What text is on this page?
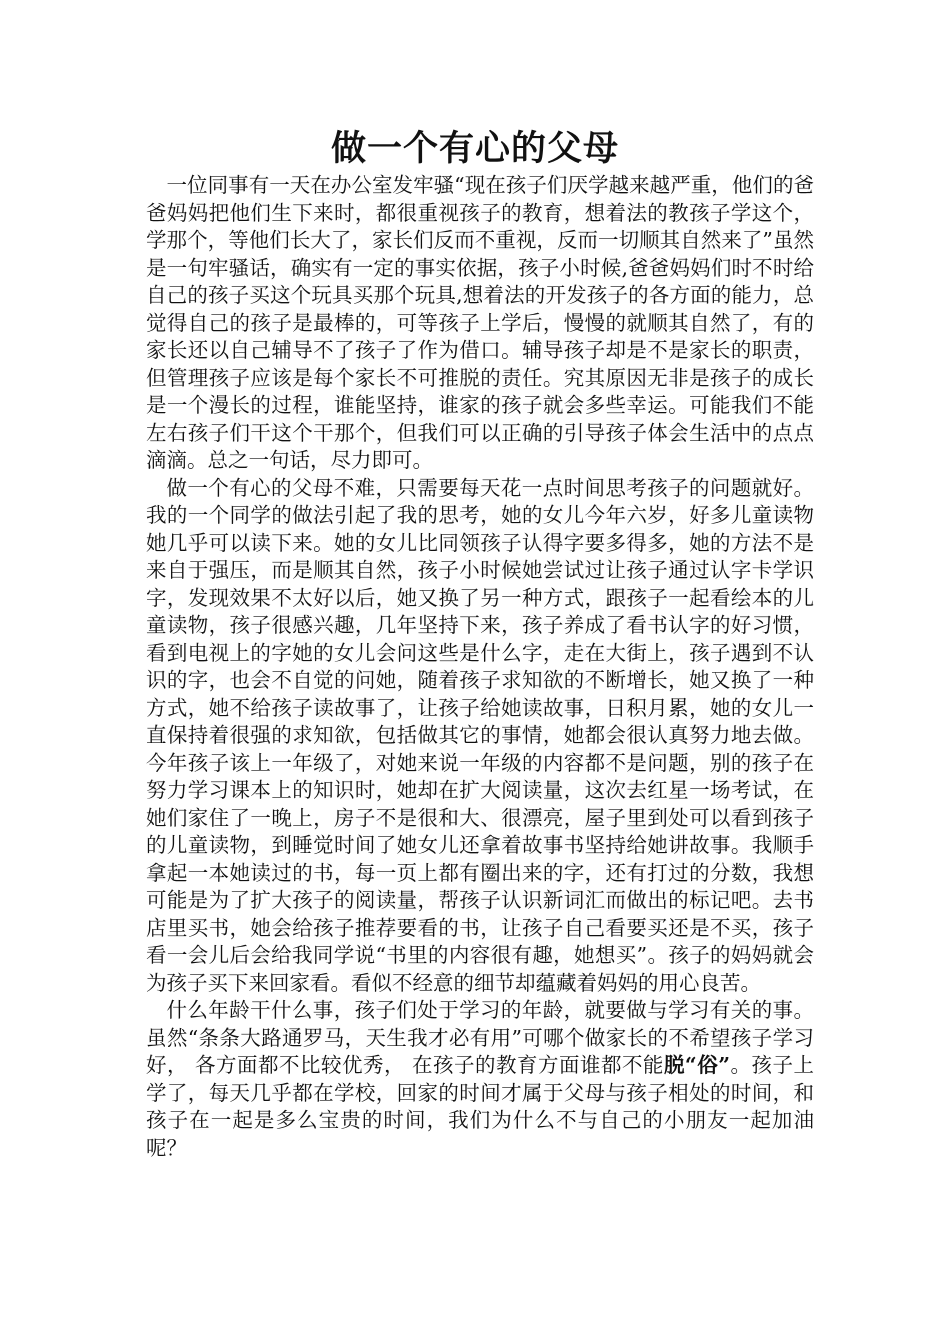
做一个有心的父母

一位同事有一天在办公室发牢骚“现在孩子们厌学越来越严重，他们的爸爸妈妈把他们生下来时，都很重视孩子的教育，想着法的教孩子学这个，学那个，等他们长大了，家长们反而不重视，反而一切顺其自然来了”虽然是一句牢骚话，确实有一定的事实依据，孩子小时候,爸爸妈妈们时不时给自己的孩子买这个玩具买那个玩具,想着法的开发孩子的各方面的能力，总觉得自己的孩子是最棒的，可等孩子上学后，慢慢的就顺其自然了，有的家长还以自己辅导不了孩子了作为借口。辅导孩子却是不是家长的职责，但管理孩子应该是每个家长不可推脱的责任。究其原因无非是孩子的成长是一个漫长的过程，谁能坚持，谁家的孩子就会多些幸运。可能我们不能左右孩子们干这个干那个，但我们可以正确的引导孩子体会生活中的点点滴滴。总之一句话，尽力即可。

做一个有心的父母不难，只需要每天花一点时间思考孩子的问题就好。我的一个同学的做法引起了我的思考，她的女儿今年六岁，好多儿童读物她几乎可以读下来。她的女儿比同领孩子认得字要多得多，她的方法不是来自于强压，而是顺其自然，孩子小时候她尝试过让孩子通过认字卡学识字，发现效果不太好以后，她又换了另一种方式，跟孩子一起看绘本的儿童读物，孩子很感兴趣，几年坚持下来，孩子养成了看书认字的好习惯，看到电视上的字她的女儿会问这些是什么字，走在大街上，孩子遇到不认识的字，也会不自觉的问她，随着孩子求知欲的不断增长，她又换了一种方式，她不给孩子读故事了，让孩子给她读故事，日积月累，她的女儿一直保持着很强的求知欲，包括做其它的事情，她都会很认真努力地去做。今年孩子该上一年级了，对她来说一年级的内容都不是问题，别的孩子在努力学习课本上的知识时，她却在扩大阅读量，这次去红星一场考试，在她们家住了一晚上，房子不是很和大、很漂亮，屋子里到处可以看到孩子的儿童读物，到睡觉时间了她女儿还拿着故事书坚持给她讲故事。我顺手拿起一本她读过的书，每一页上都有圈出来的字，还有打过的分数，我想可能是为了扩大孩子的阅读量，帮孩子认识新词汇而做出的标记吧。去书店里买书，她会给孩子推荐要看的书，让孩子自己看要买还是不买，孩子看一会儿后会给我同学说“书里的内容很有趣，她想买”。孩子的妈妈就会为孩子买下来回家看。看似不经意的细节却蕴藏着妈妈的用心良苦。

什么年龄干什么事，孩子们处于学习的年龄，就要做与学习有关的事。虽然“条条大路通罗马，天生我才必有用”可哪个做家长的不希望孩子学习好， 各方面都不比较优秀， 在孩子的教育方面谁都不能脱“俗”。孩子上学了，每天几乎都在学校，回家的时间才属于父母与孩子相处的时间，和孩子在一起是多么宝贵的时间，我们为什么不与自己的小朋友一起加油呢？
